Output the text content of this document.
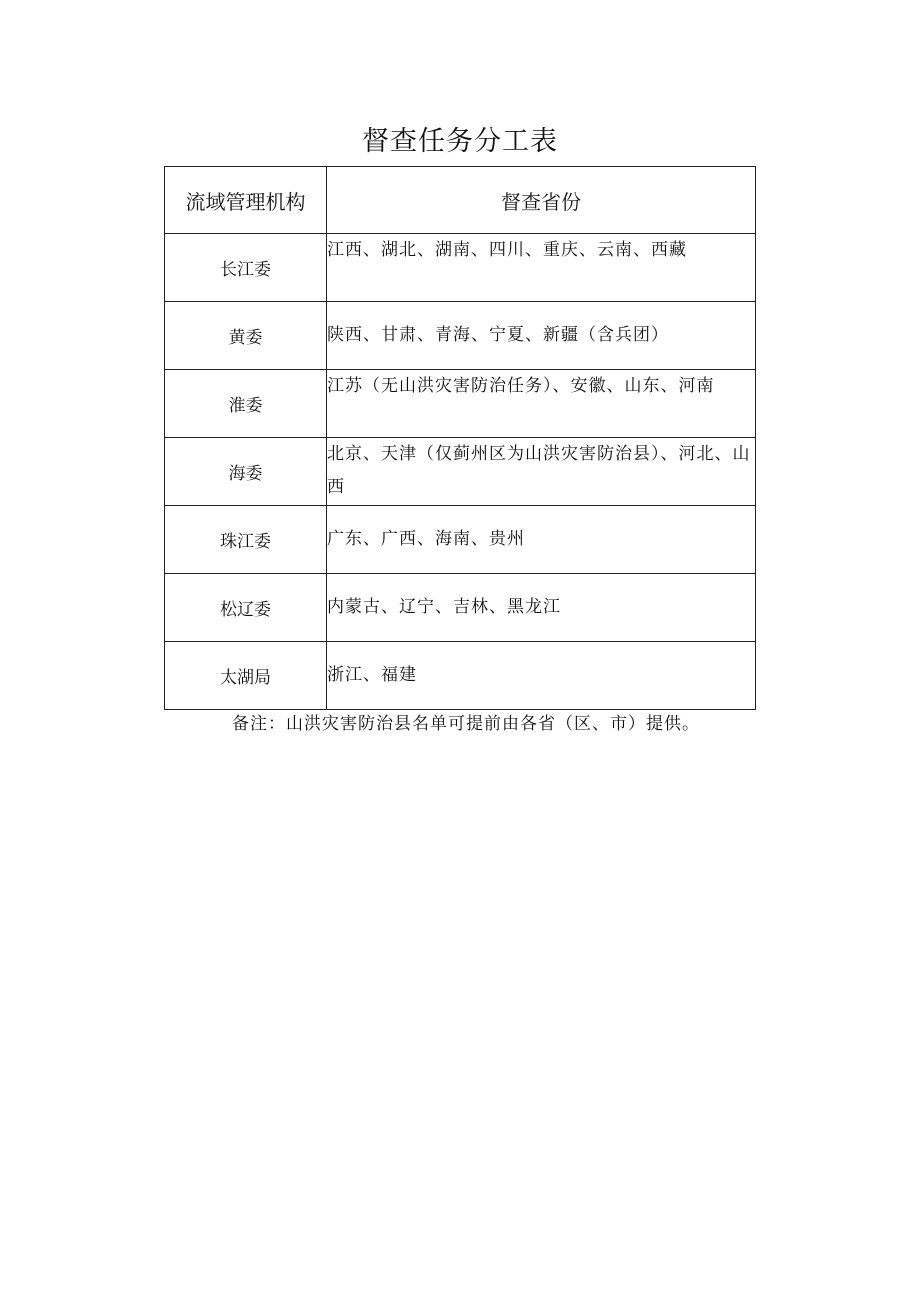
督查任务分工表
流域管理机构	督查省份
长江委	江西、湖北、湖南、四川、重庆、云南、西藏
黄委	陕西、甘肃、青海、宁夏、新疆（含兵团）
淮委	江苏（无山洪灾害防治任务）、安徽、山东、河南
海委	北京、天津（仅蓟州区为山洪灾害防治县）、河北、山西
珠江委	广东、广西、海南、贵州
松辽委	内蒙古、辽宁、吉林、黑龙江
太湖局	浙江、福建
备注：山洪灾害防治县名单可提前由各省（区、市）提供。
